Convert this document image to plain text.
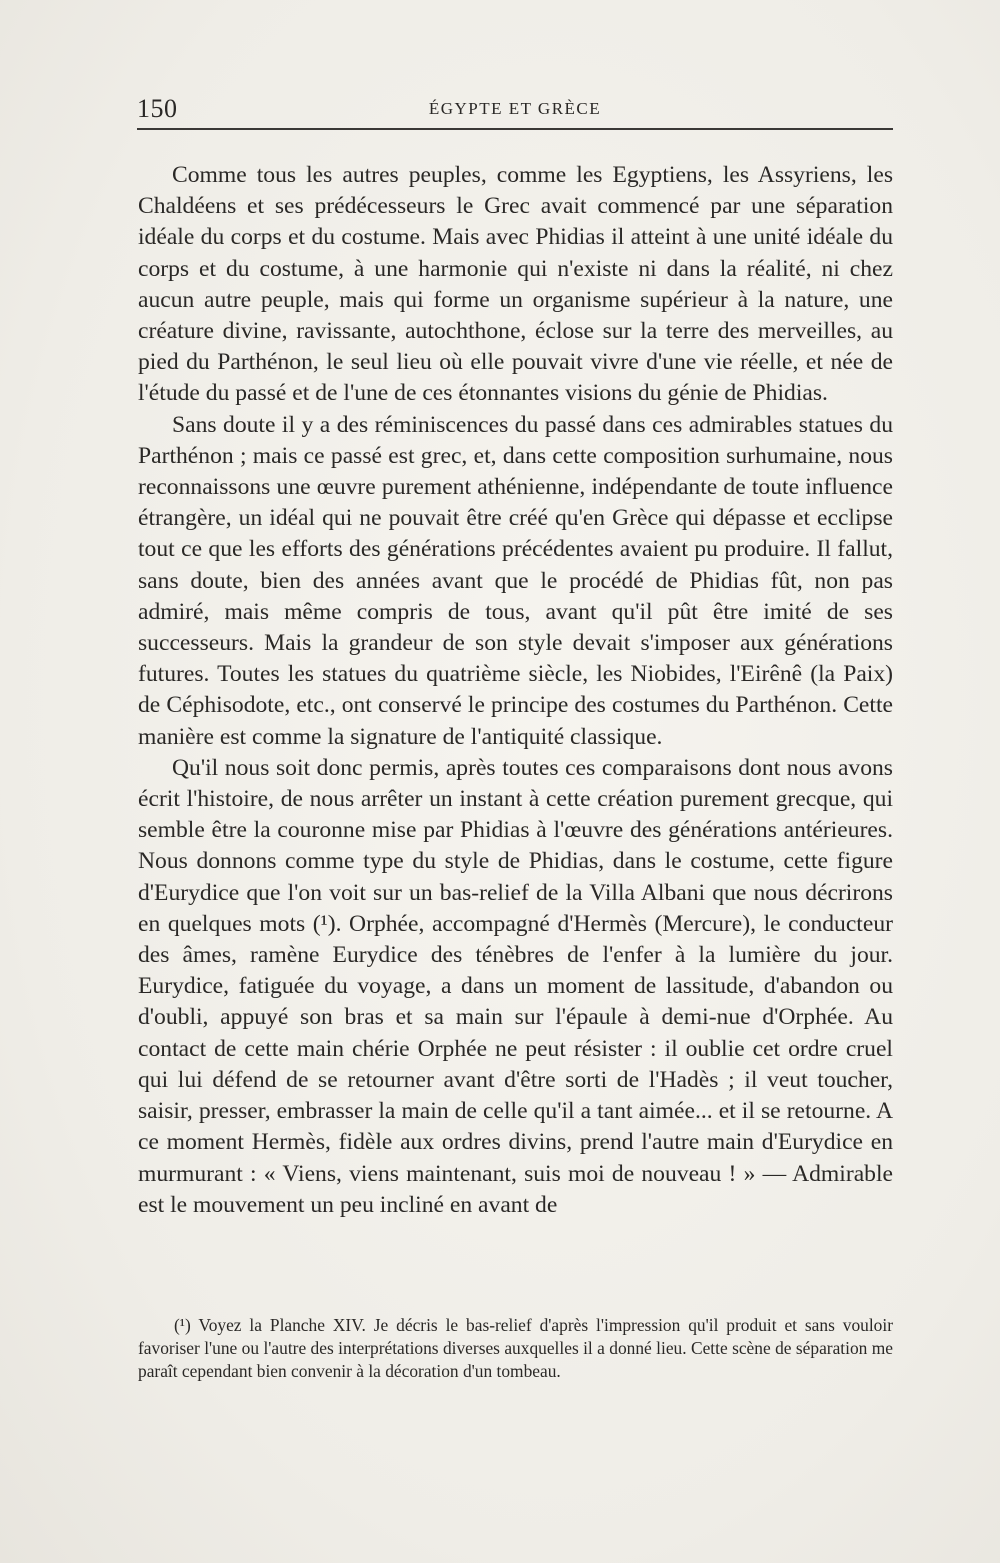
150	ÉGYPTE ET GRÈCE

Comme tous les autres peuples, comme les Egyptiens, les Assyriens, les Chaldéens et ses prédécesseurs le Grec avait commencé par une séparation idéale du corps et du costume. Mais avec Phidias il atteint à une unité idéale du corps et du costume, à une harmonie qui n'existe ni dans la réalité, ni chez aucun autre peuple, mais qui forme un organisme supérieur à la nature, une créature divine, ravissante, autochthone, éclose sur la terre des merveilles, au pied du Parthénon, le seul lieu où elle pouvait vivre d'une vie réelle, et née de l'étude du passé et de l'une de ces étonnantes visions du génie de Phidias.

Sans doute il y a des réminiscences du passé dans ces admirables statues du Parthénon ; mais ce passé est grec, et, dans cette composition surhumaine, nous reconnaissons une œuvre purement athénienne, indépendante de toute influence étrangère, un idéal qui ne pouvait être créé qu'en Grèce qui dépasse et ecclipse tout ce que les efforts des générations précédentes avaient pu produire. Il fallut, sans doute, bien des années avant que le procédé de Phidias fût, non pas admiré, mais même compris de tous, avant qu'il pût être imité de ses successeurs. Mais la grandeur de son style devait s'imposer aux générations futures. Toutes les statues du quatrième siècle, les Niobides, l'Eirênê (la Paix) de Céphisodote, etc., ont conservé le principe des costumes du Parthénon. Cette manière est comme la signature de l'antiquité classique.

Qu'il nous soit donc permis, après toutes ces comparaisons dont nous avons écrit l'histoire, de nous arrêter un instant à cette création purement grecque, qui semble être la couronne mise par Phidias à l'œuvre des générations antérieures. Nous donnons comme type du style de Phidias, dans le costume, cette figure d'Eurydice que l'on voit sur un bas-relief de la Villa Albani que nous décrirons en quelques mots (¹). Orphée, accompagné d'Hermès (Mercure), le conducteur des âmes, ramène Eurydice des ténèbres de l'enfer à la lumière du jour. Eurydice, fatiguée du voyage, a dans un moment de lassitude, d'abandon ou d'oubli, appuyé son bras et sa main sur l'épaule à demi-nue d'Orphée. Au contact de cette main chérie Orphée ne peut résister : il oublie cet ordre cruel qui lui défend de se retourner avant d'être sorti de l'Hadès ; il veut toucher, saisir, presser, embrasser la main de celle qu'il a tant aimée... et il se retourne. A ce moment Hermès, fidèle aux ordres divins, prend l'autre main d'Eurydice en murmurant : « Viens, viens maintenant, suis moi de nouveau ! » — Admirable est le mouvement un peu incliné en avant de

(¹) Voyez la Planche XIV. Je décris le bas-relief d'après l'impression qu'il produit et sans vouloir favoriser l'une ou l'autre des interprétations diverses auxquelles il a donné lieu. Cette scène de séparation me paraît cependant bien convenir à la décoration d'un tombeau.
